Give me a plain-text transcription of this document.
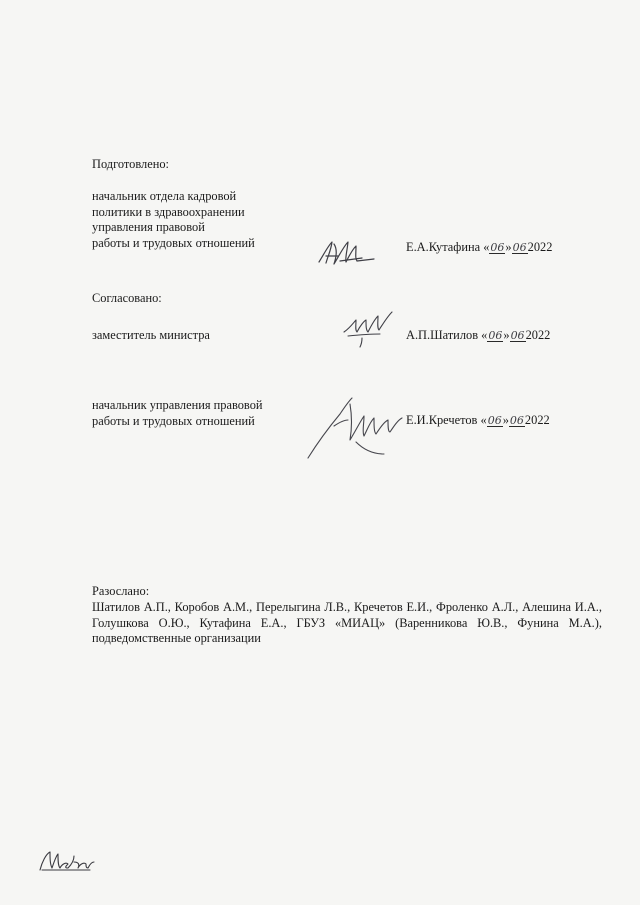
Подготовлено:
начальник отдела кадровой
политики в здравоохранении
управления правовой
работы и трудовых отношений	Е.А.Кутафина «06»062022
Согласовано:
заместитель министра	А.П.Шатилов «06»062022
начальник управления правовой
работы и трудовых отношений	Е.И.Кречетов «06»062022
Разослано:
Шатилов А.П., Коробов А.М., Перелыгина Л.В., Кречетов Е.И., Фроленко А.Л., Алешина И.А., Голушкова О.Ю., Кутафина Е.А., ГБУЗ «МИАЦ» (Варенникова Ю.В., Фунина М.А.), подведомственные организации
